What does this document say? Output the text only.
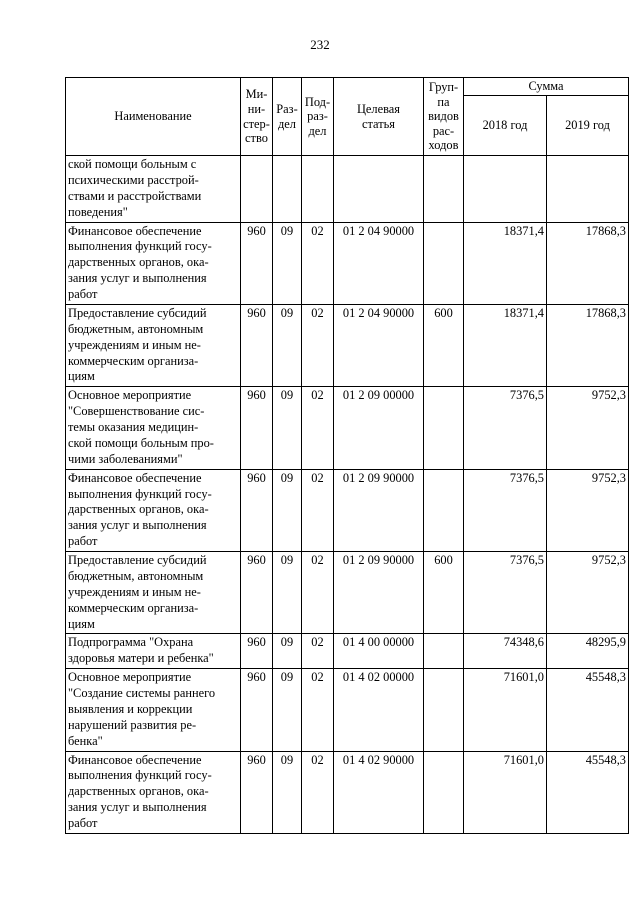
232
Наименование	Ми-
ни-
стер-
ство	Раз-
дел	Под-
раз-
дел	Целевая
статья	Груп-
па
видов
рас-
ходов	Сумма	
						2018 год	2019 год

ской помощи больным с
психическими расстрой-
ствами и расстройствами
поведения"							

Финансовое обеспечение
выполнения функций госу-
дарственных органов, ока-
зания услуг и выполнения
работ	960	09	02	01 2 04 90000		18371,4	17868,3

Предоставление субсидий
бюджетным, автономным
учреждениям и иным не-
коммерческим организа-
циям	960	09	02	01 2 04 90000	600	18371,4	17868,3

Основное мероприятие
"Совершенствование сис-
темы оказания медицин-
ской помощи больным про-
чими заболеваниями"	960	09	02	01 2 09 00000		7376,5	9752,3

Финансовое обеспечение
выполнения функций госу-
дарственных органов, ока-
зания услуг и выполнения
работ	960	09	02	01 2 09 90000		7376,5	9752,3

Предоставление субсидий
бюджетным, автономным
учреждениям и иным не-
коммерческим организа-
циям	960	09	02	01 2 09 90000	600	7376,5	9752,3

Подпрограмма "Охрана
здоровья матери и ребенка"	960	09	02	01 4 00 00000		74348,6	48295,9

Основное мероприятие
"Создание системы раннего
выявления и коррекции
нарушений развития ре-
бенка"	960	09	02	01 4 02 00000		71601,0	45548,3

Финансовое обеспечение
выполнения функций госу-
дарственных органов, ока-
зания услуг и выполнения
работ	960	09	02	01 4 02 90000		71601,0	45548,3
